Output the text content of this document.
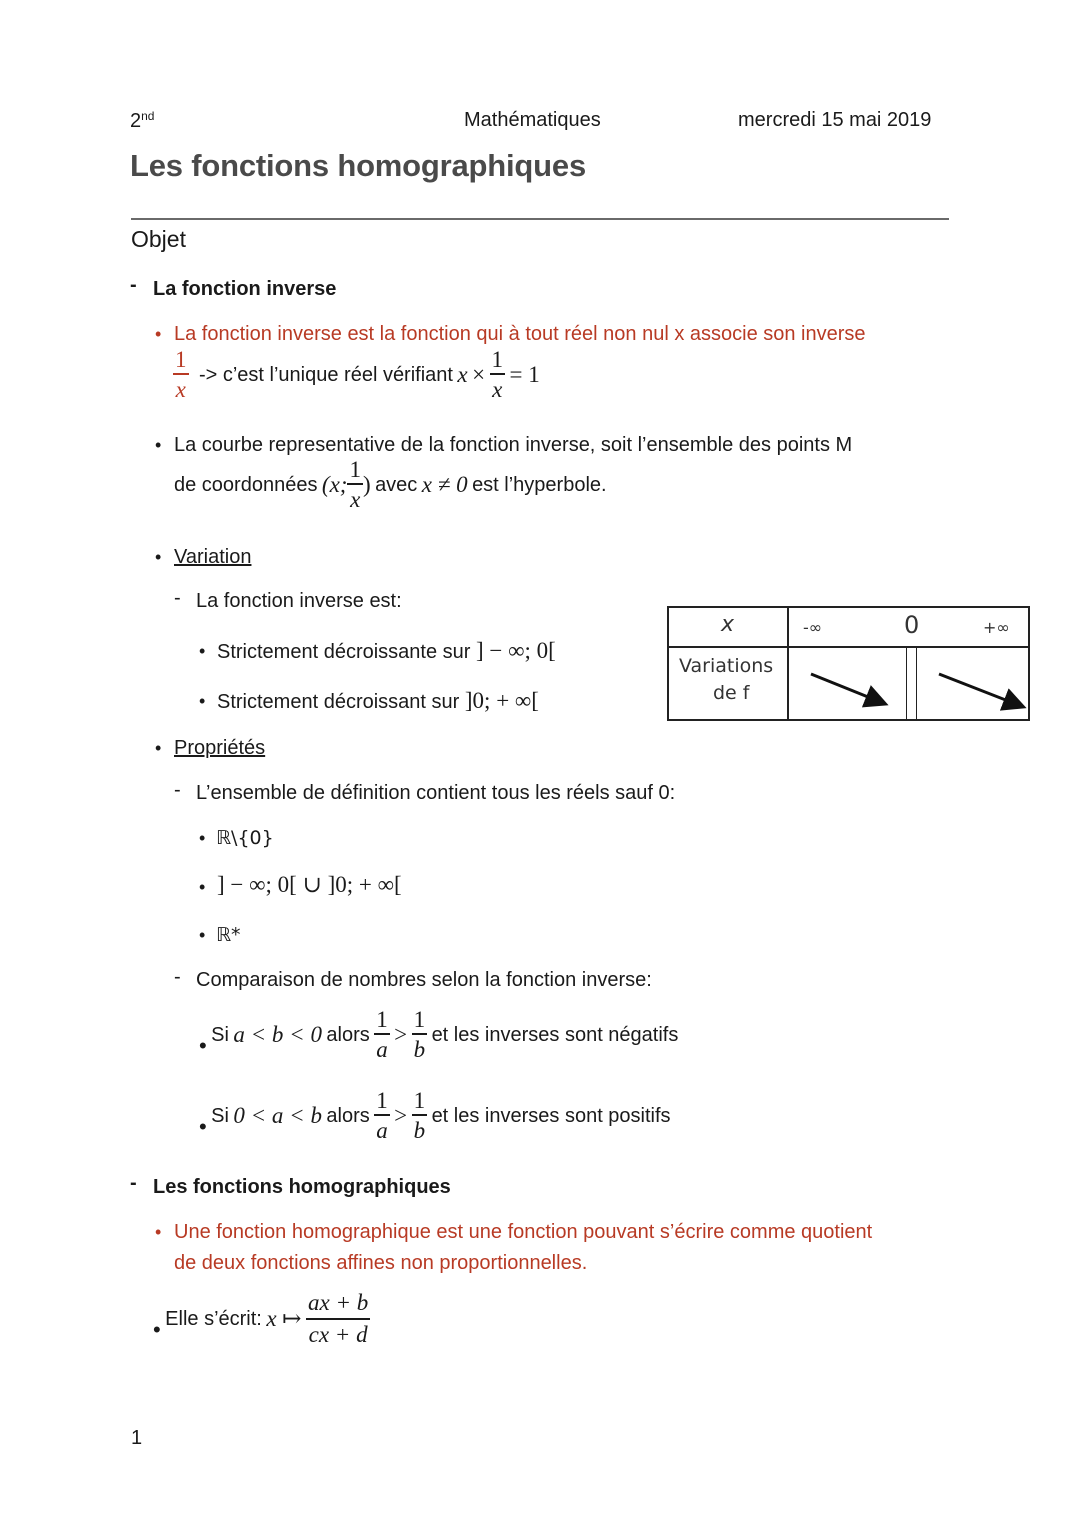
2nd	Mathématiques	mercredi 15 mai 2019
Les fonctions homographiques
Objet
- La fonction inverse
• La fonction inverse est la fonction qui à tout réel non nul x associe son inverse
$\frac{1}{x}$ -> c’est l’unique réel vérifiant $x \times \frac{1}{x} = 1$
• La courbe representative de la fonction inverse, soit l’ensemble des points M
de coordonnées (x; $\frac{1}{x}$ ) avec x ≠ 0 est l’hyperbole.
• Variation
- La fonction inverse est:
• Strictement décroissante sur ] − ∞; 0[
• Strictement décroissant sur ]0; + ∞[
x	-∞	0	+∞
Variations
de f
• Propriétés
- L’ensemble de définition contient tous les réels sauf 0:
• ℝ\{0}
• ] − ∞; 0[ ∪ ]0; + ∞[
• ℝ*
- Comparaison de nombres selon la fonction inverse:
• Si a < b < 0 alors $\frac{1}{a} > \frac{1}{b}$ et les inverses sont négatifs
• Si 0 < a < b alors $\frac{1}{a} > \frac{1}{b}$ et les inverses sont positifs
- Les fonctions homographiques
• Une fonction homographique est une fonction pouvant s’écrire comme quotient
de deux fonctions affines non proportionnelles.
• Elle s’écrit: x ↦ $\frac{ax + b}{cx + d}$
1
